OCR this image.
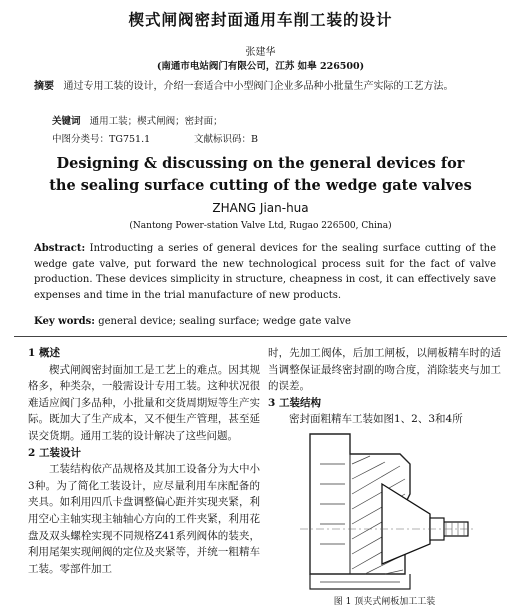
楔式闸阀密封面通用车削工装的设计
张建华
(南通市电站阀门有限公司，江苏 如皋 226500)
摘要 通过专用工装的设计，介绍一套适合中小型阀门企业多品种小批量生产实际的工艺方法。
关键词 通用工装；楔式闸阀；密封面；
中图分类号：TG751.1	文献标识码：B
Designing & discussing on the general devices for
the sealing surface cutting of the wedge gate valves
ZHANG Jian-hua
(Nantong Power-station Valve Ltd, Rugao 226500, China)
Abstract: Introducting a series of general devices for the sealing surface cutting of the wedge gate valve, put forward the new technological process suit for the fact of valve production. These devices simplicity in structure, cheapness in cost, it can effectively save expenses and time in the trial manufacture of new products.
Key words: general device; sealing surface; wedge gate valve
1 概述

楔式闸阀密封面加工是工艺上的难点。因其规格多，种类杂，一般需设计专用工装。这种状况很难适应阀门多品种，小批量和交货周期短等生产实际。既加大了生产成本，又不便生产管理，甚至延误交货期。通用工装的设计解决了这些问题。

2 工装设计

工装结构依产品规格及其加工设备分为大中小3种。为了简化工装设计，应尽量利用车床配备的夹具。如利用四爪卡盘调整偏心距并实现夹紧，利用空心主轴实现主轴轴心方向的工件夹紧，利用花盘及双头螺栓实现不同规格Z41系列阀体的装夹，利用尾架实现闸阀的定位及夹紧等，并统一粗精车工装。零部件加工

时，先加工阀体，后加工闸板，以闸板精车时的适当调整保证最终密封副的吻合度，消除装夹与加工的误差。

3 工装结构

密封面粗精车工装如图1、2、3和4所

图 1 顶夹式闸板加工工装
